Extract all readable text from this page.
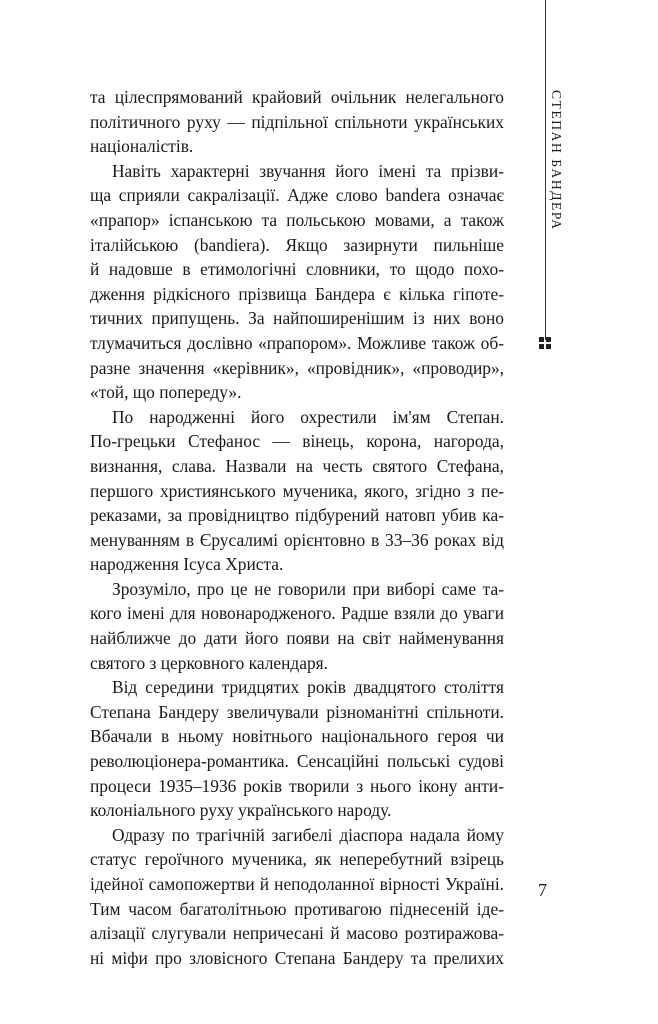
СТЕПАН БАНДЕРА
та цілеспрямований крайовий очільник нелегального
політичного руху — підпільної спільноти українських
націоналістів.
Навіть характерні звучання його імені та прізви-
ща сприяли сакралізації. Адже слово bandera означає
«прапор» іспанською та польською мовами, а також
італійською (bandiera). Якщо зазирнути пильніше
й надовше в етимологічні словники, то щодо похо-
дження рідкісного прізвища Бандера є кілька гіпоте-
тичних припущень. За найпоширенішим із них воно
тлумачиться дослівно «прапором». Можливе також об-
разне значення «керівник», «провідник», «проводир»,
«той, що попереду».
По народженні його охрестили ім'ям Степан.
По-грецьки Стефанос — вінець, корона, нагорода,
визнання, слава. Назвали на честь святого Стефана,
першого християнського мученика, якого, згідно з пе-
реказами, за провідництво підбурений натовп убив ка-
менуванням в Єрусалимі орієнтовно в 33–36 роках від
народження Ісуса Христа.
Зрозуміло, про це не говорили при виборі саме та-
кого імені для новонародженого. Радше взяли до уваги
найближче до дати його появи на світ найменування
святого з церковного календаря.
Від середини тридцятих років двадцятого століття
Степана Бандеру звеличували різноманітні спільноти.
Вбачали в ньому новітнього національного героя чи
революціонера-романтика. Сенсаційні польські судові
процеси 1935–1936 років творили з нього ікону анти-
колоніального руху українського народу.
Одразу по трагічній загибелі діаспора надала йому
статус героїчного мученика, як неперебутний взірець
ідейної самопожертви й неподоланної вірності Україні.
Тим часом багатолітньою противагою піднесеній іде-
алізації слугували непричесані й масово розтиражова-
ні міфи про зловісного Степана Бандеру та прелихих
7
